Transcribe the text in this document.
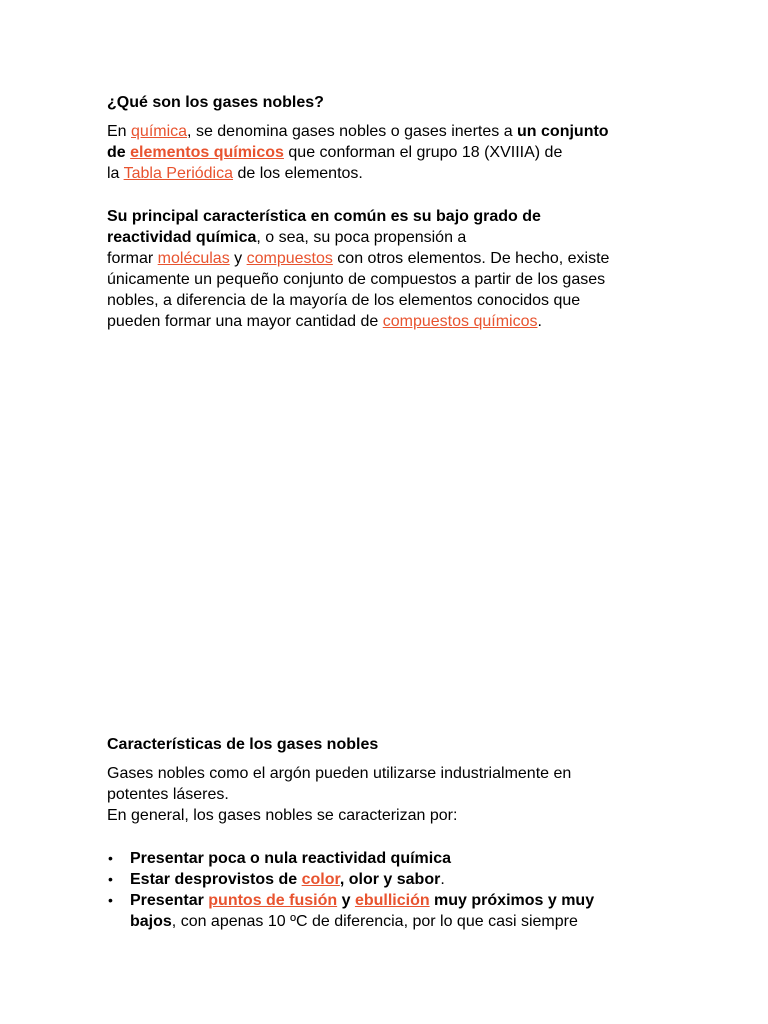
¿Qué son los gases nobles?

En química, se denomina gases nobles o gases inertes a un conjunto

de elementos químicos que conforman el grupo 18 (XVIIIA) de

la Tabla Periódica de los elementos.

Su principal característica en común es su bajo grado de

reactividad química, o sea, su poca propensión a

formar moléculas y compuestos con otros elementos. De hecho, existe

únicamente un pequeño conjunto de compuestos a partir de los gases

nobles, a diferencia de la mayoría de los elementos conocidos que

pueden formar una mayor cantidad de compuestos químicos.

Características de los gases nobles

Gases nobles como el argón pueden utilizarse industrialmente en

potentes láseres.

En general, los gases nobles se caracterizan por:

• Presentar poca o nula reactividad química
• Estar desprovistos de color, olor y sabor.
• Presentar puntos de fusión y ebullición muy próximos y muy
bajos, con apenas 10 ºC de diferencia, por lo que casi siempre
